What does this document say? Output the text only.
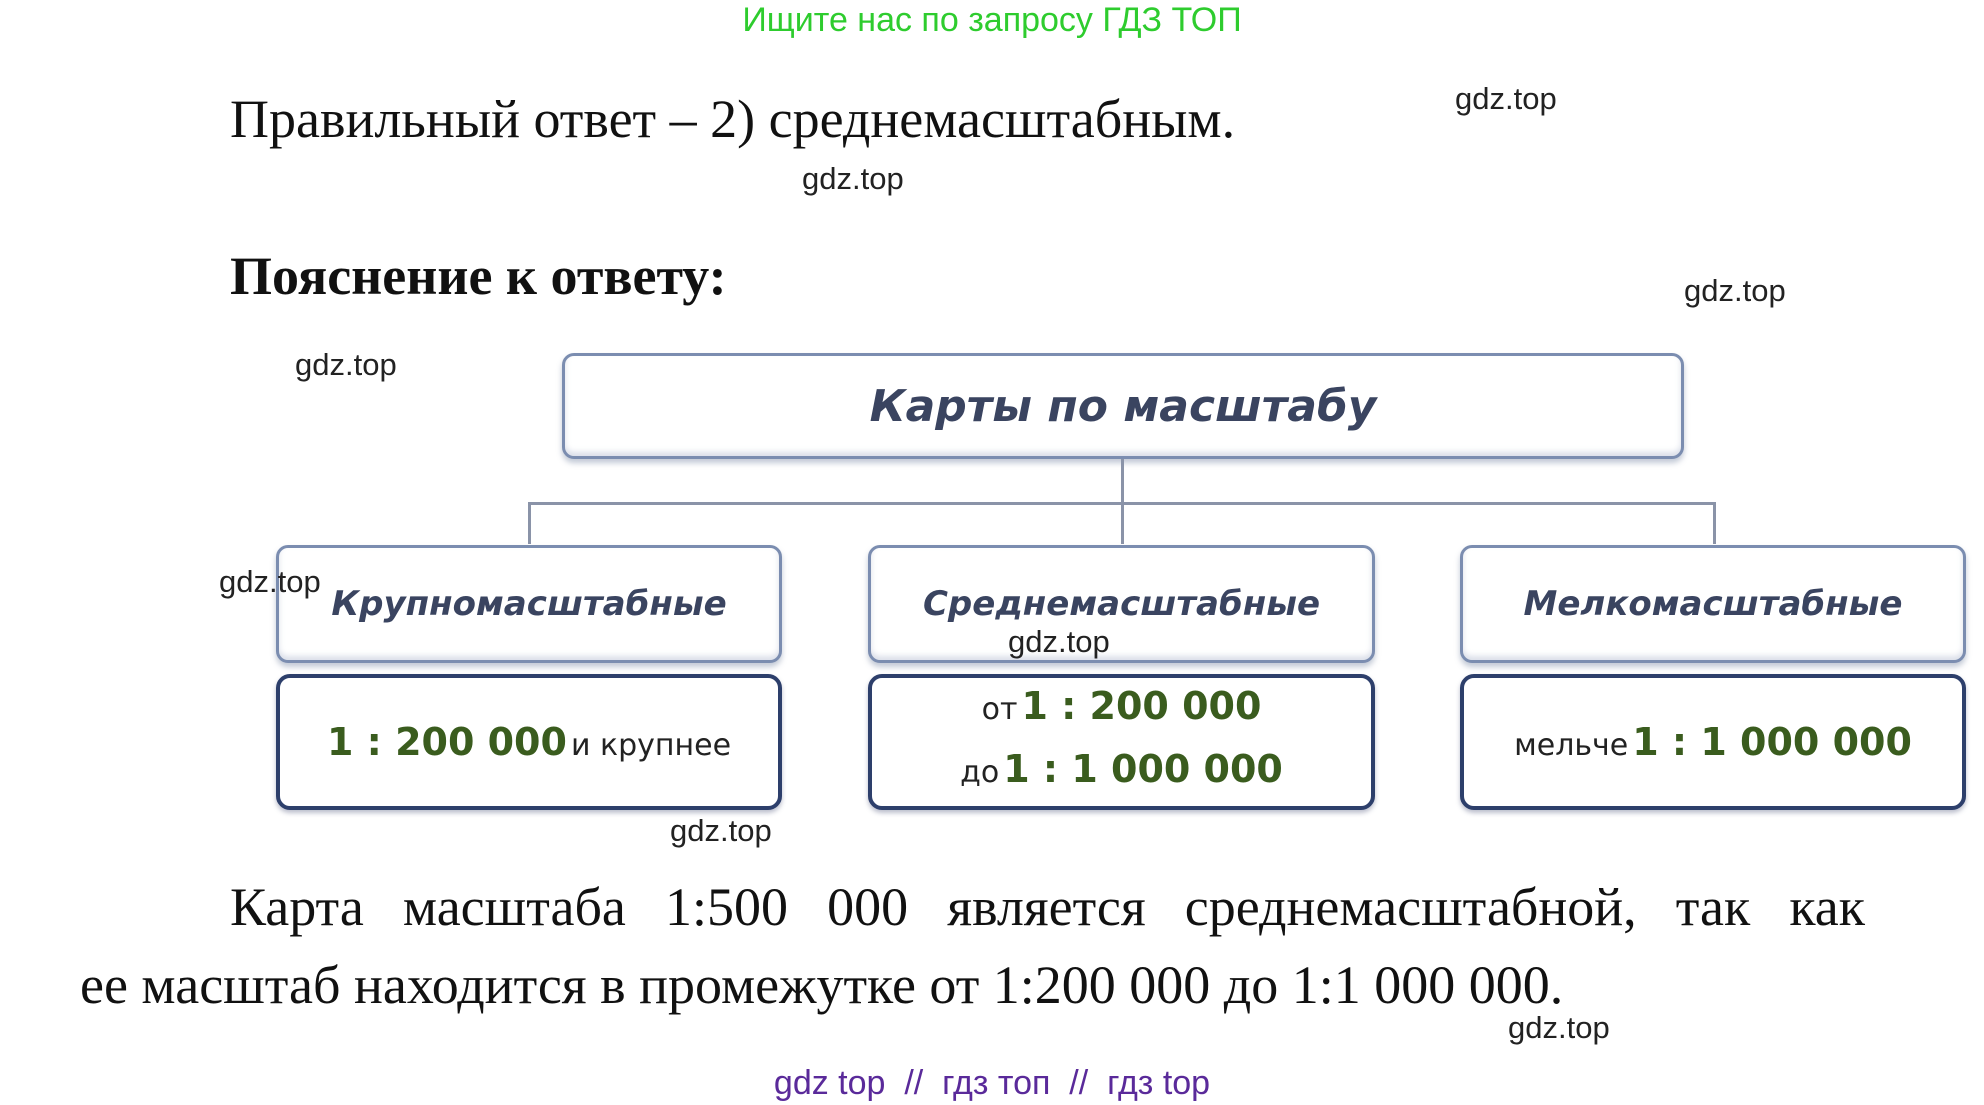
Ищите нас по запросу ГДЗ ТОП
Правильный ответ – 2) среднемасштабным.
Пояснение к ответу:
Карты по масштабу
Крупномасштабные	Среднемасштабные	Мелкомасштабные
1 : 200 000 и крупнее
от 1 : 200 000
до 1 : 1 000 000
мельче 1 : 1 000 000
Карта масштаба 1:500 000 является среднемасштабной, так как
ее масштаб находится в промежутке от 1:200 000 до 1:1 000 000.
gdz.top
gdz.top
gdz.top
gdz.top
gdz.top
gdz.top
gdz.top
gdz.top
gdz top  //  гдз топ  //  гдз top
